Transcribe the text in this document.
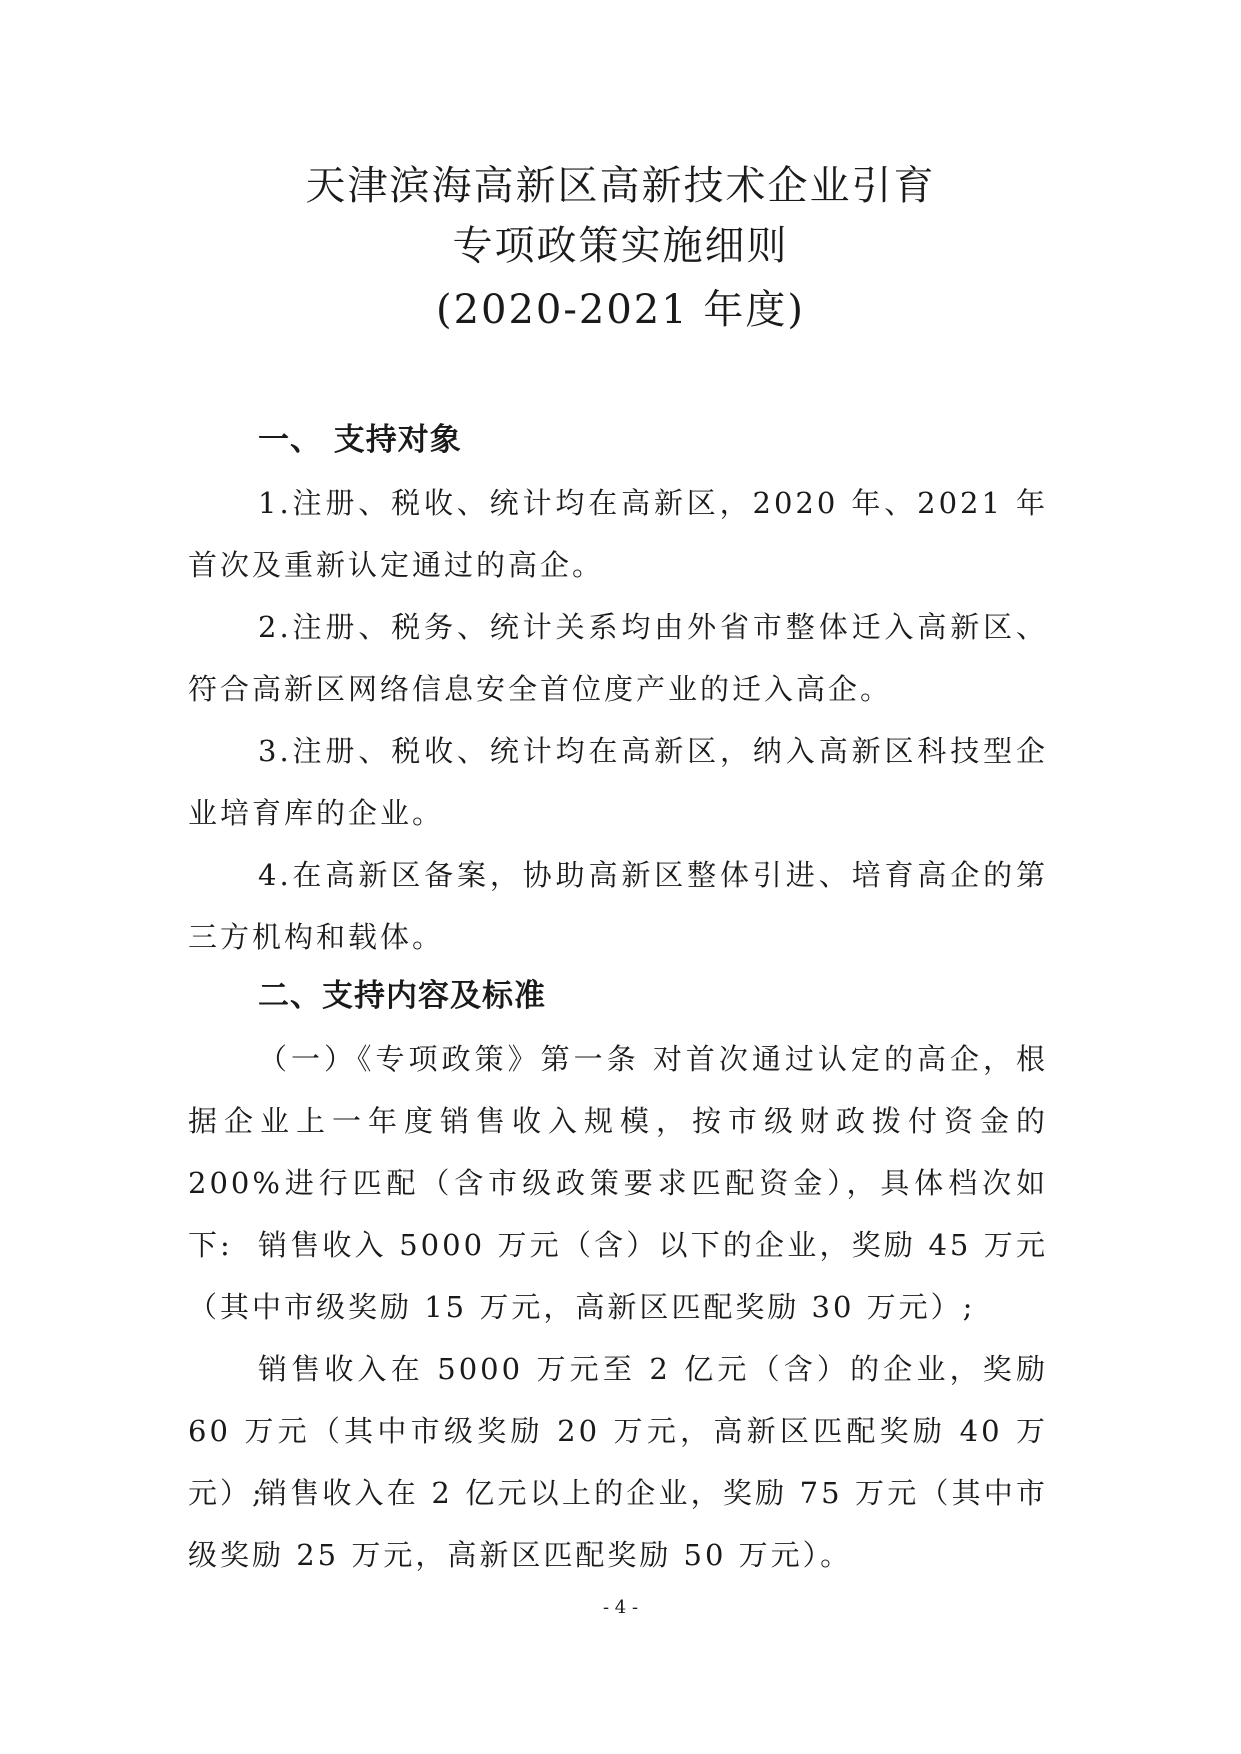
天津滨海高新区高新技术企业引育
专项政策实施细则
(2020-2021 年度)
一、 支持对象

1.注册、税收、统计均在高新区，2020 年、2021 年首次及重新认定通过的高企。

2.注册、税务、统计关系均由外省市整体迁入高新区、符合高新区网络信息安全首位度产业的迁入高企。

3.注册、税收、统计均在高新区，纳入高新区科技型企业培育库的企业。

4.在高新区备案，协助高新区整体引进、培育高企的第三方机构和载体。

二、支持内容及标准

（一）《专项政策》第一条 对首次通过认定的高企，根据企业上一年度销售收入规模，按市级财政拨付资金的200%进行匹配（含市级政策要求匹配资金），具体档次如下: 销售收入 5000 万元（含）以下的企业，奖励 45 万元（其中市级奖励 15 万元，高新区匹配奖励 30 万元）;

销售收入在 5000 万元至 2 亿元（含）的企业，奖励 60 万元（其中市级奖励 20 万元，高新区匹配奖励 40 万元）;

销售收入在 2 亿元以上的企业，奖励 75 万元（其中市级奖励 25 万元，高新区匹配奖励 50 万元）。

- 4 -
